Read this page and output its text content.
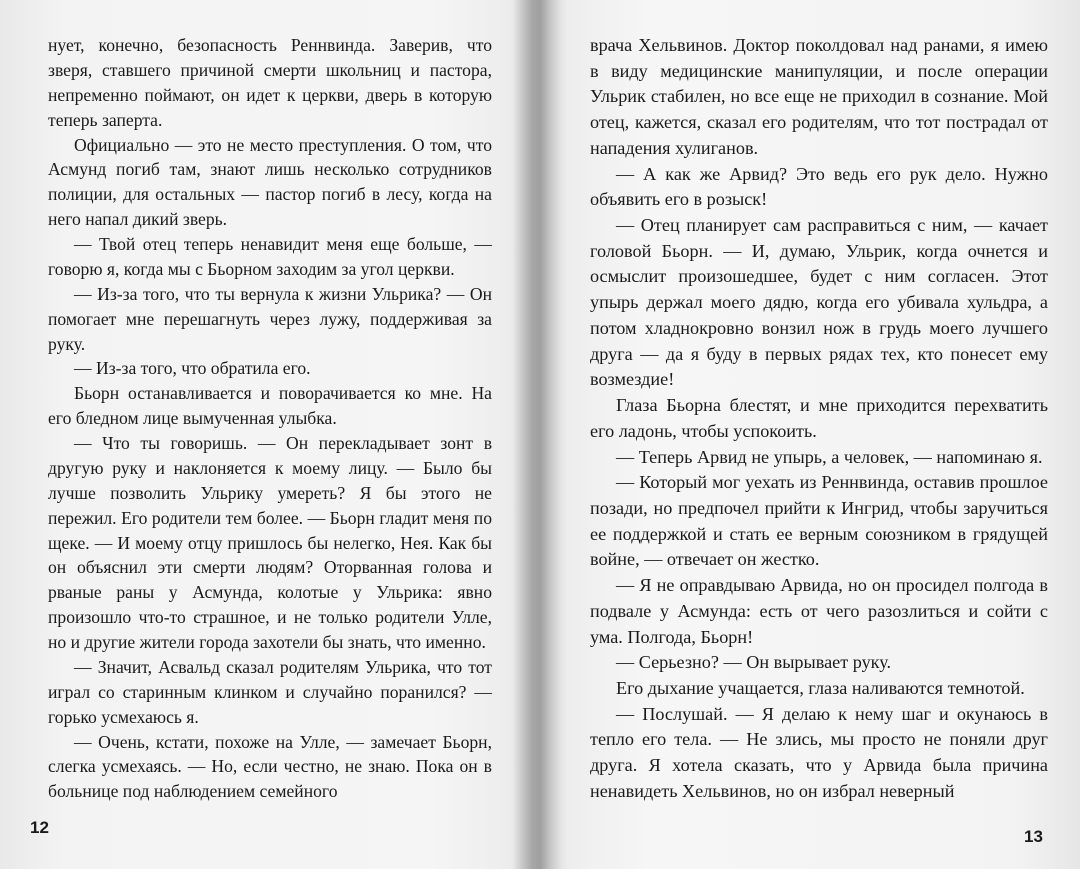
нует, конечно, безопасность Реннвинда. Заверив, что зверя, ставшего причиной смерти школьниц и пастора, непременно поймают, он идет к церкви, дверь в которую теперь заперта.

Официально — это не место преступления. О том, что Асмунд погиб там, знают лишь несколько сотрудников полиции, для остальных — пастор погиб в лесу, когда на него напал дикий зверь.

— Твой отец теперь ненавидит меня еще больше, — говорю я, когда мы с Бьорном заходим за угол церкви.

— Из-за того, что ты вернула к жизни Ульрика? — Он помогает мне перешагнуть через лужу, поддерживая за руку.

— Из-за того, что обратила его.

Бьорн останавливается и поворачивается ко мне. На его бледном лице вымученная улыбка.

— Что ты говоришь. — Он перекладывает зонт в другую руку и наклоняется к моему лицу. — Было бы лучше позволить Ульрику умереть? Я бы этого не пережил. Его родители тем более. — Бьорн гладит меня по щеке. — И моему отцу пришлось бы нелегко, Нея. Как бы он объяснил эти смерти людям? Оторванная голова и рваные раны у Асмунда, колотые у Ульрика: явно произошло что-то страшное, и не только родители Улле, но и другие жители города захотели бы знать, что именно.

— Значит, Асвальд сказал родителям Ульрика, что тот играл со старинным клинком и случайно поранился? — горько усмехаюсь я.

— Очень, кстати, похоже на Улле, — замечает Бьорн, слегка усмехаясь. — Но, если честно, не знаю. Пока он в больнице под наблюдением семейного

12

врача Хельвинов. Доктор поколдовал над ранами, я имею в виду медицинские манипуляции, и после операции Ульрик стабилен, но все еще не приходил в сознание. Мой отец, кажется, сказал его родителям, что тот пострадал от нападения хулиганов.

— А как же Арвид? Это ведь его рук дело. Нужно объявить его в розыск!

— Отец планирует сам расправиться с ним, — качает головой Бьорн. — И, думаю, Ульрик, когда очнется и осмыслит произошедшее, будет с ним согласен. Этот упырь держал моего дядю, когда его убивала хульдра, а потом хладнокровно вонзил нож в грудь моего лучшего друга — да я буду в первых рядах тех, кто понесет ему возмездие!

Глаза Бьорна блестят, и мне приходится перехватить его ладонь, чтобы успокоить.

— Теперь Арвид не упырь, а человек, — напоминаю я.

— Который мог уехать из Реннвинда, оставив прошлое позади, но предпочел прийти к Ингрид, чтобы заручиться ее поддержкой и стать ее верным союзником в грядущей войне, — отвечает он жестко.

— Я не оправдываю Арвида, но он просидел полгода в подвале у Асмунда: есть от чего разозлиться и сойти с ума. Полгода, Бьорн!

— Серьезно? — Он вырывает руку.

Его дыхание учащается, глаза наливаются темнотой.

— Послушай. — Я делаю к нему шаг и окунаюсь в тепло его тела. — Не злись, мы просто не поняли друг друга. Я хотела сказать, что у Арвида была причина ненавидеть Хельвинов, но он избрал неверный

13
